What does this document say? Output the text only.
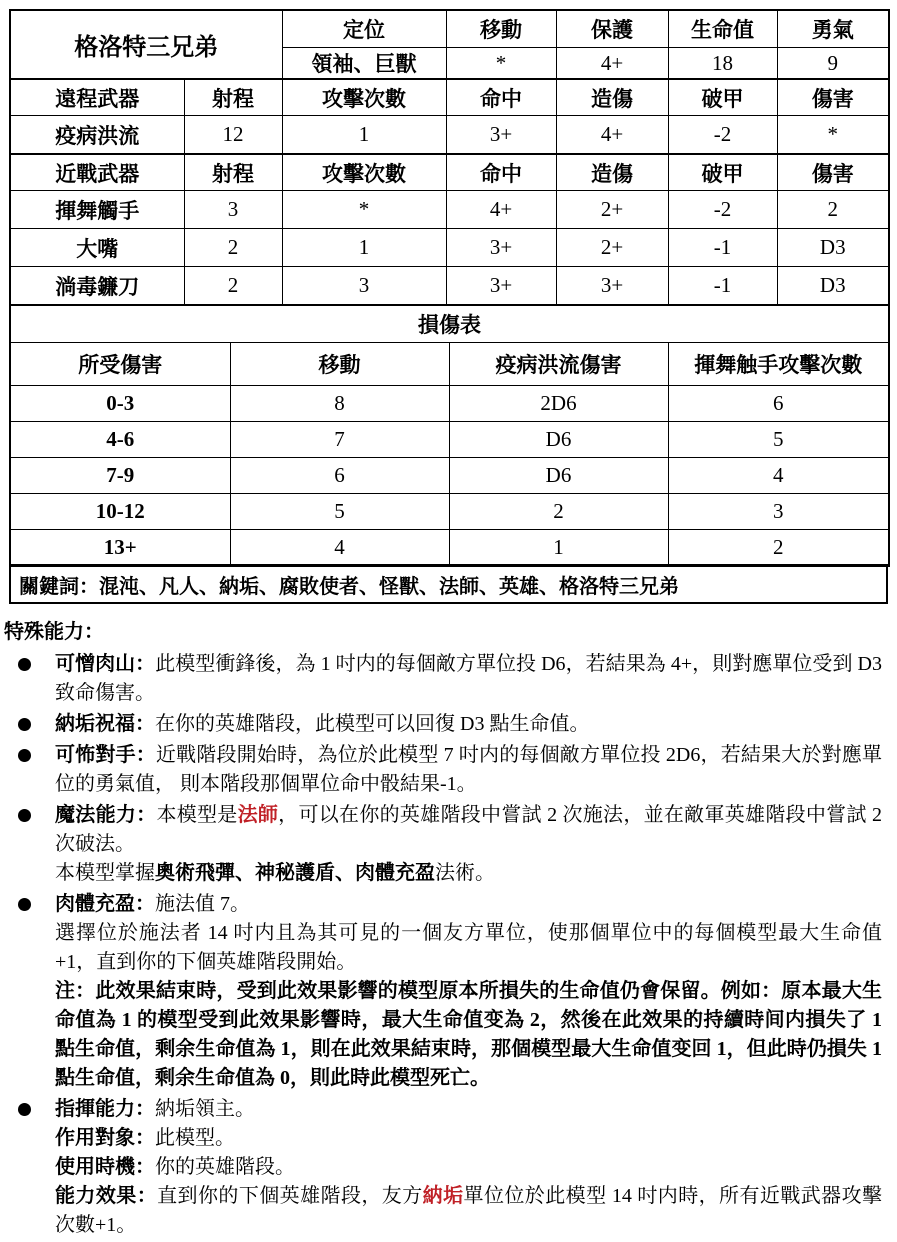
格洛特三兄弟		定位	移動	保護	生命值	勇氣
		領袖、巨獸	*	4+	18	9
遠程武器	射程	攻擊次數	命中	造傷	破甲	傷害
疫病洪流	12	1	3+	4+	-2	*
近戰武器	射程	攻擊次數	命中	造傷	破甲	傷害
揮舞觸手	3	*	4+	2+	-2	2
大嘴	2	1	3+	2+	-1	D3
淌毒鐮刀	2	3	3+	3+	-1	D3
損傷表			
所受傷害	移動	疫病洪流傷害	揮舞触手攻擊次數
0-3	8	2D6	6
4-6	7	D6	5
7-9	6	D6	4
10-12	5	2	3
13+	4	1	2
關鍵詞：混沌、凡人、納垢、腐敗使者、怪獸、法師、英雄、格洛特三兄弟
特殊能力：

可憎肉山：此模型衝鋒後，為 1 吋内的每個敵方單位投 D6，若結果為 4+，則對應單位受到 D3 致命傷害。

納垢祝福：在你的英雄階段，此模型可以回復 D3 點生命值。

可怖對手：近戰階段開始時，為位於此模型 7 吋内的每個敵方單位投 2D6，若結果大於對應單位的勇氣值， 則本階段那個單位命中骰結果-1。

魔法能力：本模型是法師，可以在你的英雄階段中嘗試 2 次施法，並在敵軍英雄階段中嘗試 2 次破法。

本模型掌握奧術飛彈、神秘護盾、肉體充盈法術。

肉體充盈：施法值 7。

選擇位於施法者 14 吋内且為其可見的一個友方單位，使那個單位中的每個模型最大生命值+1，直到你的下個英雄階段開始。

注：此效果結束時，受到此效果影響的模型原本所損失的生命值仍會保留。例如：原本最大生命值為 1 的模型受到此效果影響時，最大生命值变為 2，然後在此效果的持續時间内損失了 1 點生命值，剩余生命值為 1，則在此效果結束時，那個模型最大生命值变回 1，但此時仍損失 1 點生命值，剩余生命值為 0，則此時此模型死亡。

指揮能力：納垢領主。

作用對象：此模型。

使用時機：你的英雄階段。

能力效果：直到你的下個英雄階段，友方納垢單位位於此模型 14 吋内時，所有近戰武器攻擊次數+1。
